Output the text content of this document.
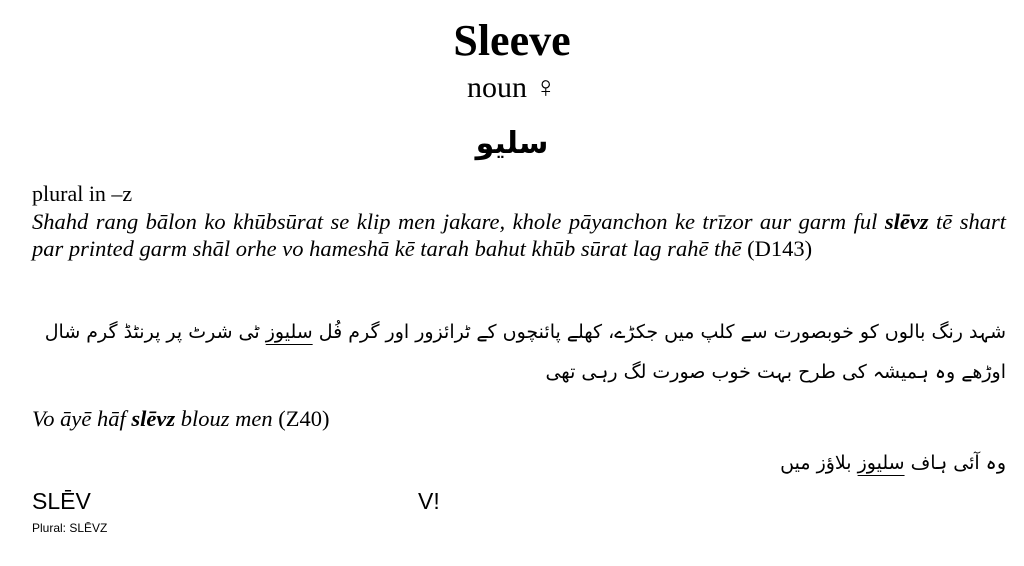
Sleeve
noun ♀
سلیو
plural in –z
Shahd rang bālon ko khūbsūrat se klip men jakare, khole pāyanchon ke trīzor aur garm ful slēvz tē shart par printed garm shāl orhe vo hameshā kē tarah bahut khūb sūrat lag rahē thē (D143)
شہد رنگ بالوں کو خوبصورت سے کلپ میں جکڑے، کھلے پائنچوں کے ٹرائزور اور گرم فُل سلیوز ٹی شرٹ پر پرنٹڈ گرم شال اوڑھے وہ ہمیشہ کی طرح بہت خوب صورت لگ رہی تھی
Vo āyē hāf slēvz blouz men (Z40)
وہ آئی ہاف سلیوز بلاؤز میں
SLĒV	V!
Plural: SLĒVZ
